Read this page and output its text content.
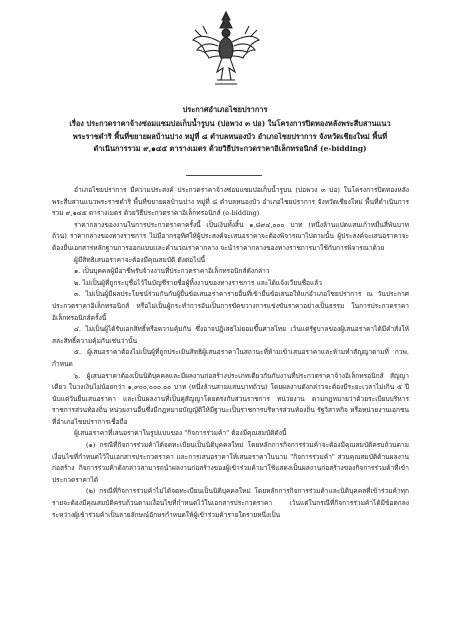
ประกาศอำเภอไชยปราการ
เรื่อง ประกวดราคาจ้างซ่อมแซมบ่อเก็บน้ำรูบน (บ่อพวง ๓ บ่อ) ในโครงการปิดทองหลังพระสืบสานแนว
พระราชดำริ พื้นที่ขยายผลบ้านปาง หมู่ที่ ๘ ตำบลหนองบัว อำเภอไชยปราการ จังหวัดเชียงใหม่ พื้นที่
ดำเนินการรวม ๙,๑๔๕ ตารางเมตร ด้วยวิธีประกวดราคาอิเล็กทรอนิกส์ (e-bidding)

อำเภอไชยปราการ มีความประสงค์ ประกวดราคาจ้างซ่อมแซมบ่อเก็บน้ำรูบน (บ่อพวง ๓ บ่อ) ในโครงการปิดทองหลังพระสืบสานแนวพระราชดำริ พื้นที่ขยายผลบ้านปาง หมู่ที่ ๘ ตำบลหนองบัว อำเภอไชยปราการ จังหวัดเชียงใหม่ พื้นที่ดำเนินการรวม ๙,๑๔๕ ตารางเมตร ด้วยวิธีประกวดราคาอิเล็กทรอนิกส์ (e-bidding)

ราคากลางของงานในการประกวดราคาครั้งนี้ เป็นเงินทั้งสิ้น ๑,๘๙๔,๐๐๐ บาท (หนึ่งล้านแปดแสนเก้าหมื่นสี่พันบาทถ้วน) ราคากลางของทางราชการ ไม่มีอากรอุทิศให้ผู้ประสงค์จะเสนอราคาจะต้องพิจารณาไปตามนั้น ผู้ประสงค์จะเสนอราคาจะต้องยื่นเอกสารหลักฐานการออกแบบเเละคำนวณราคากลาง จะนำราคากลางของทางราชการมาใช้กับการพิจารณาด้วย

ผู้มีสิทธิเสนอราคาจะต้องมีคุณสมบัติ ดังต่อไปนี้

๑. เป็นบุคคลผู้มีอาชีพรับจ้างงานที่ประกวดราคาอิเล็กทรอนิกส์ดังกล่าว

๒. ไม่เป็นผู้ที่ถูกระบุชื่อไว้ในบัญชีรายชื่อผู้ทิ้งงานของทางราชการ และได้แจ้งเวียนชื่อแล้ว

๓. ไม่เป็นผู้มีผลประโยชน์ร่วมกันกับผู้ยื่นข้อเสนอราคารายอื่นที่เข้ายื่นข้อเสนอให้แก่อำเภอไชยปราการ ณ วันประกาศประกวดราคาอิเล็กทรอนิกส์ หรือไม่เป็นผู้กระทำการอันเป็นการขัดขวางการแข่งขันราคาอย่างเป็นธรรม ในการประกวดราคาอิเล็กทรอนิกส์ครั้งนี้

๔. ไม่เป็นผู้ได้รับเอกสิทธิ์หรือความคุ้มกัน ซึ่งอาจปฏิเสธไม่ยอมขึ้นศาลไทย เว้นแต่รัฐบาลของผู้เสนอราคาได้มีคำสั่งให้สละสิทธิ์ความคุ้มกันเช่นว่านั้น

๕. ผู้เสนอราคาต้องไม่เป็นผู้ที่ถูกประเมินสิทธิผู้เสนอราคาในสถานะที่ห้ามเข้าเสนอราคาและห้ามทำสัญญาตามที่ กวพ. กำหนด

๖. ผู้เสนอราคาต้องเป็นนิติบุคคลและมีผลงานก่อสร้างประเภทเดียวกันกับงานที่ประกวดราคาจ้างอิเล็กทรอนิกส์ สัญญาเดียว ในวงเงินไม่น้อยกว่า ๑,๙๐๐,๐๐๐.๐๐ บาท (หนึ่งล้านสามแสนบาทถ้วน) โดยผลงานดังกล่าวจะต้องมีระยะเวลาไม่เกิน ๕ ปี นับแต่วันยื่นเสนอราคา และเป็นผลงานที่เป็นคู่สัญญาโดยตรงกับส่วนราชการ หน่วยงาน ตามกฎหมายว่าด้วยระเบียบบริหารราชการส่วนท้องถิ่น หน่วยงานอื่นซึ่งมีกฎหมายบัญญัติให้มีฐานะเป็นราชการบริหารส่วนท้องถิ่น รัฐวิสาหกิจ หรือหน่วยงานเอกชนที่อำเภอไชยปราการเชื่อถือ

ผู้เสนอราคาที่เสนอราคาในรูปแบบของ "กิจการร่วมค้า" ต้องมีคุณสมบัติดังนี้

(๑) กรณีที่กิจการร่วมค้าได้จดทะเบียนเป็นนิติบุคคลใหม่ โดยหลักการกิจการร่วมค้าจะต้องมีคุณสมบัติครบถ้วนตามเงื่อนไขที่กำหนดไว้ในเอกสารประกวดราคา และการเสนอราคาให้เสนอราคาในนาม "กิจการร่วมค้า" ส่วนคุณสมบัติด้านผลงานก่อสร้าง กิจการร่วมค้าดังกล่าวสามารถนำผลงานก่อสร้างของผู้เข้าร่วมค้ามาใช้แสดงเป็นผลงานก่อสร้างของกิจการร่วมค้าที่เข้าประกวดราคาได้

(๒) กรณีที่กิจการร่วมค้าไม่ได้จดทะเบียนเป็นนิติบุคคลใหม่ โดยหลักการกิจการร่วมค้าและนิติบุคคลที่เข้าร่วมค้าทุกรายจะต้องมีคุณสมบัติครบถ้วนตามเงื่อนไขที่กำหนดไว้ในเอกสารประกวดราคา เว้นแต่ในกรณีที่กิจการร่วมค้าได้มีข้อตกลงระหว่างผู้เข้าร่วมค้าเป็นลายลักษณ์อักษรกำหนดให้ผู้เข้าร่วมค้ารายใดรายหนึ่งเป็น
